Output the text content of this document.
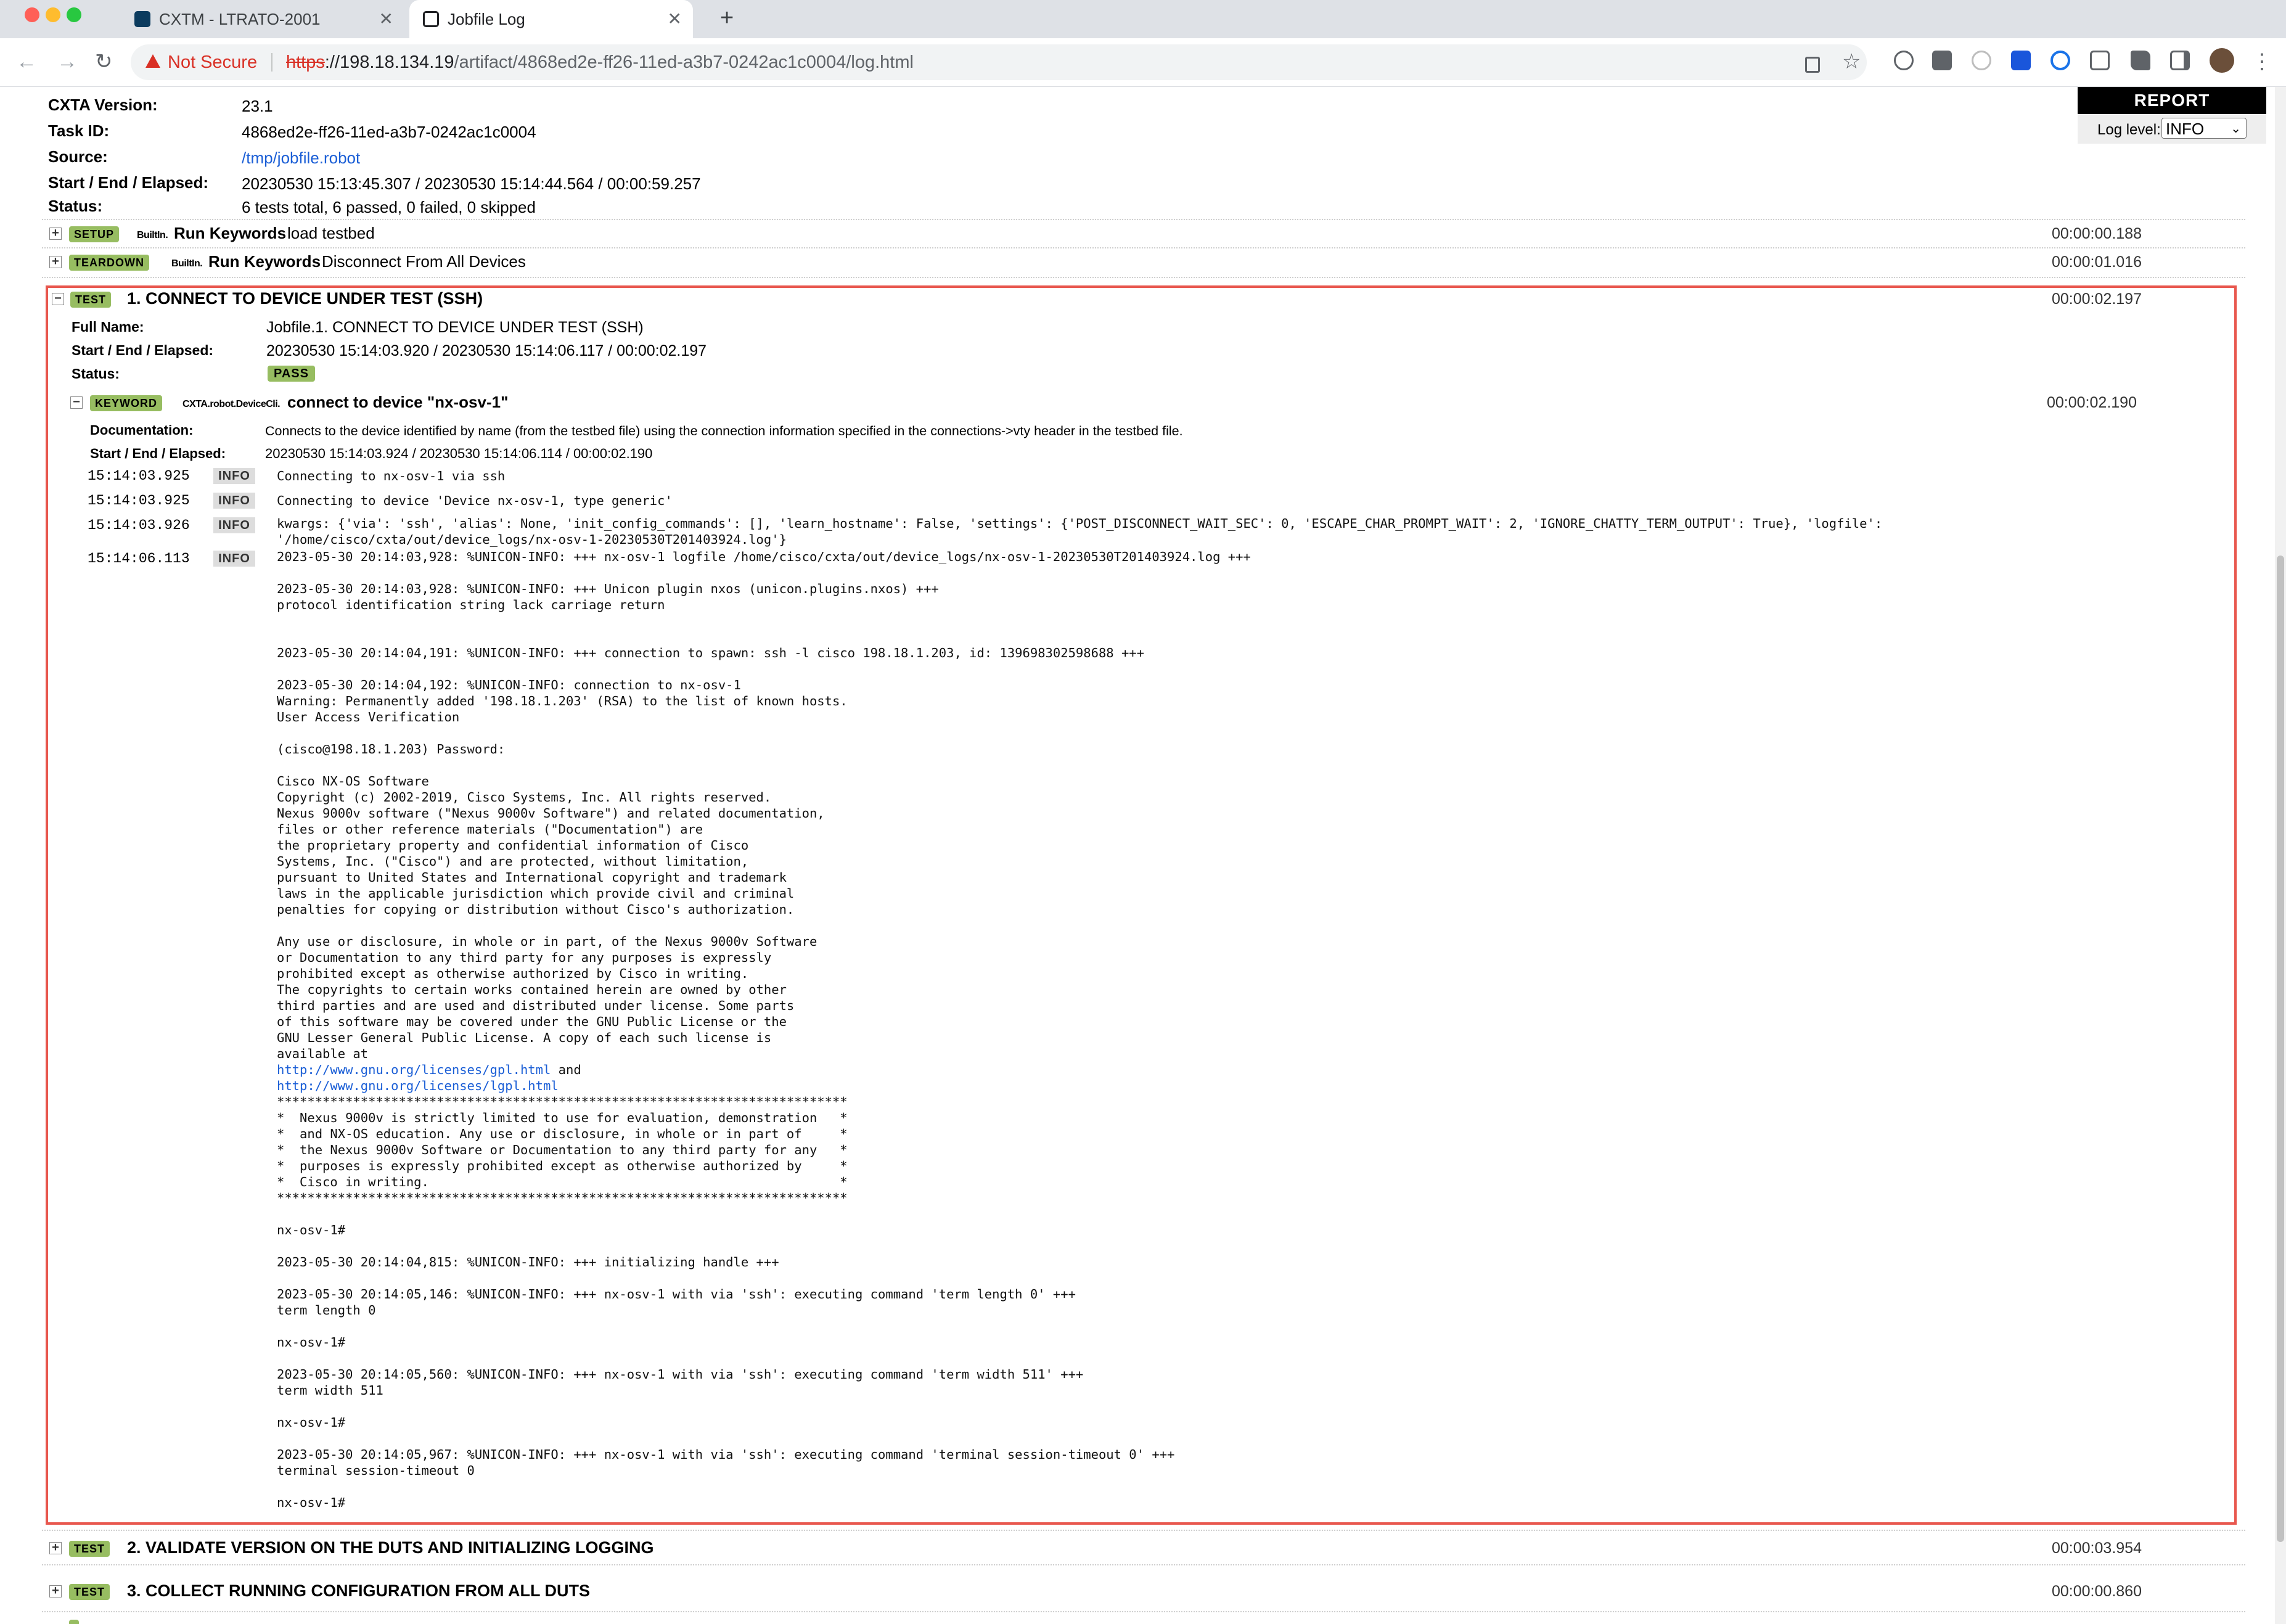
CXTM - LTRATO-2001	✕	Jobfile Log	✕ +
← → ↻	Not Secure https://198.18.134.19/artifact/4868ed2e-ff26-11ed-a3b7-0242ac1c0004/log.html	☆	⋮
REPORT
Log level: INFO ⌄
CXTA Version:	23.1
Task ID:	4868ed2e-ff26-11ed-a3b7-0242ac1c0004
Source:	/tmp/jobfile.robot
Start / End / Elapsed: 20230530 15:13:45.307 / 20230530 15:14:44.564 / 00:00:59.257
Status:	6 tests total, 6 passed, 0 failed, 0 skipped
+	SETUP	BuiltIn. Run Keywords load testbed	00:00:00.188
+	TEARDOWN	BuiltIn. Run Keywords Disconnect From All Devices	00:00:01.016
−	TEST 1. CONNECT TO DEVICE UNDER TEST (SSH)	00:00:02.197
Full Name:	Jobfile.1. CONNECT TO DEVICE UNDER TEST (SSH)
Start / End / Elapsed:	20230530 15:14:03.920 / 20230530 15:14:06.117 / 00:00:02.197
Status:	PASS
−	KEYWORD	CXTA.robot.DeviceCli. connect to device "nx-osv-1"	00:00:02.190
Documentation:	Connects to the device identified by name (from the testbed file) using the connection information specified in the connections->vty header in the testbed file.
Start / End / Elapsed:	20230530 15:14:03.924 / 20230530 15:14:06.114 / 00:00:02.190
15:14:03.925	INFO	Connecting to nx-osv-1 via ssh
15:14:03.925	INFO	Connecting to device 'Device nx-osv-1, type generic'
15:14:03.926	INFO	kwargs: {'via': 'ssh', 'alias': None, 'init_config_commands': [], 'learn_hostname': False, 'settings': {'POST_DISCONNECT_WAIT_SEC': 0, 'ESCAPE_CHAR_PROMPT_WAIT': 2, 'IGNORE_CHATTY_TERM_OUTPUT': True}, 'logfile':
'/home/cisco/cxta/out/device_logs/nx-osv-1-20230530T201403924.log'}
15:14:06.113	INFO	2023-05-30 20:14:03,928: %UNICON-INFO: +++ nx-osv-1 logfile /home/cisco/cxta/out/device_logs/nx-osv-1-20230530T201403924.log +++
2023-05-30 20:14:03,928: %UNICON-INFO: +++ Unicon plugin nxos (unicon.plugins.nxos) +++
protocol identification string lack carriage return

2023-05-30 20:14:04,191: %UNICON-INFO: +++ connection to spawn: ssh -l cisco 198.18.1.203, id: 139698302598688 +++

2023-05-30 20:14:04,192: %UNICON-INFO: connection to nx-osv-1
Warning: Permanently added '198.18.1.203' (RSA) to the list of known hosts.
User Access Verification

(cisco@198.18.1.203) Password:

Cisco NX-OS Software
Copyright (c) 2002-2019, Cisco Systems, Inc. All rights reserved.
Nexus 9000v software ("Nexus 9000v Software") and related documentation,
files or other reference materials ("Documentation") are
the proprietary property and confidential information of Cisco
Systems, Inc. ("Cisco") and are protected, without limitation,
pursuant to United States and International copyright and trademark
laws in the applicable jurisdiction which provide civil and criminal
penalties for copying or distribution without Cisco's authorization.

Any use or disclosure, in whole or in part, of the Nexus 9000v Software
or Documentation to any third party for any purposes is expressly
prohibited except as otherwise authorized by Cisco in writing.
The copyrights to certain works contained herein are owned by other
third parties and are used and distributed under license. Some parts
of this software may be covered under the GNU Public License or the
GNU Lesser General Public License. A copy of each such license is
available at
http://www.gnu.org/licenses/gpl.html and
http://www.gnu.org/licenses/lgpl.html
***************************************************************************
*  Nexus 9000v is strictly limited to use for evaluation, demonstration   *
*  and NX-OS education. Any use or disclosure, in whole or in part of     *
*  the Nexus 9000v Software or Documentation to any third party for any   *
*  purposes is expressly prohibited except as otherwise authorized by     *
*  Cisco in writing.                                                      *
***************************************************************************

nx-osv-1#

2023-05-30 20:14:04,815: %UNICON-INFO: +++ initializing handle +++

2023-05-30 20:14:05,146: %UNICON-INFO: +++ nx-osv-1 with via 'ssh': executing command 'term length 0' +++
term length 0

nx-osv-1#

2023-05-30 20:14:05,560: %UNICON-INFO: +++ nx-osv-1 with via 'ssh': executing command 'term width 511' +++
term width 511

nx-osv-1#

2023-05-30 20:14:05,967: %UNICON-INFO: +++ nx-osv-1 with via 'ssh': executing command 'terminal session-timeout 0' +++
terminal session-timeout 0

nx-osv-1#
+	TEST 2. VALIDATE VERSION ON THE DUTS AND INITIALIZING LOGGING	00:00:03.954
+	TEST 3. COLLECT RUNNING CONFIGURATION FROM ALL DUTS	00:00:00.860
